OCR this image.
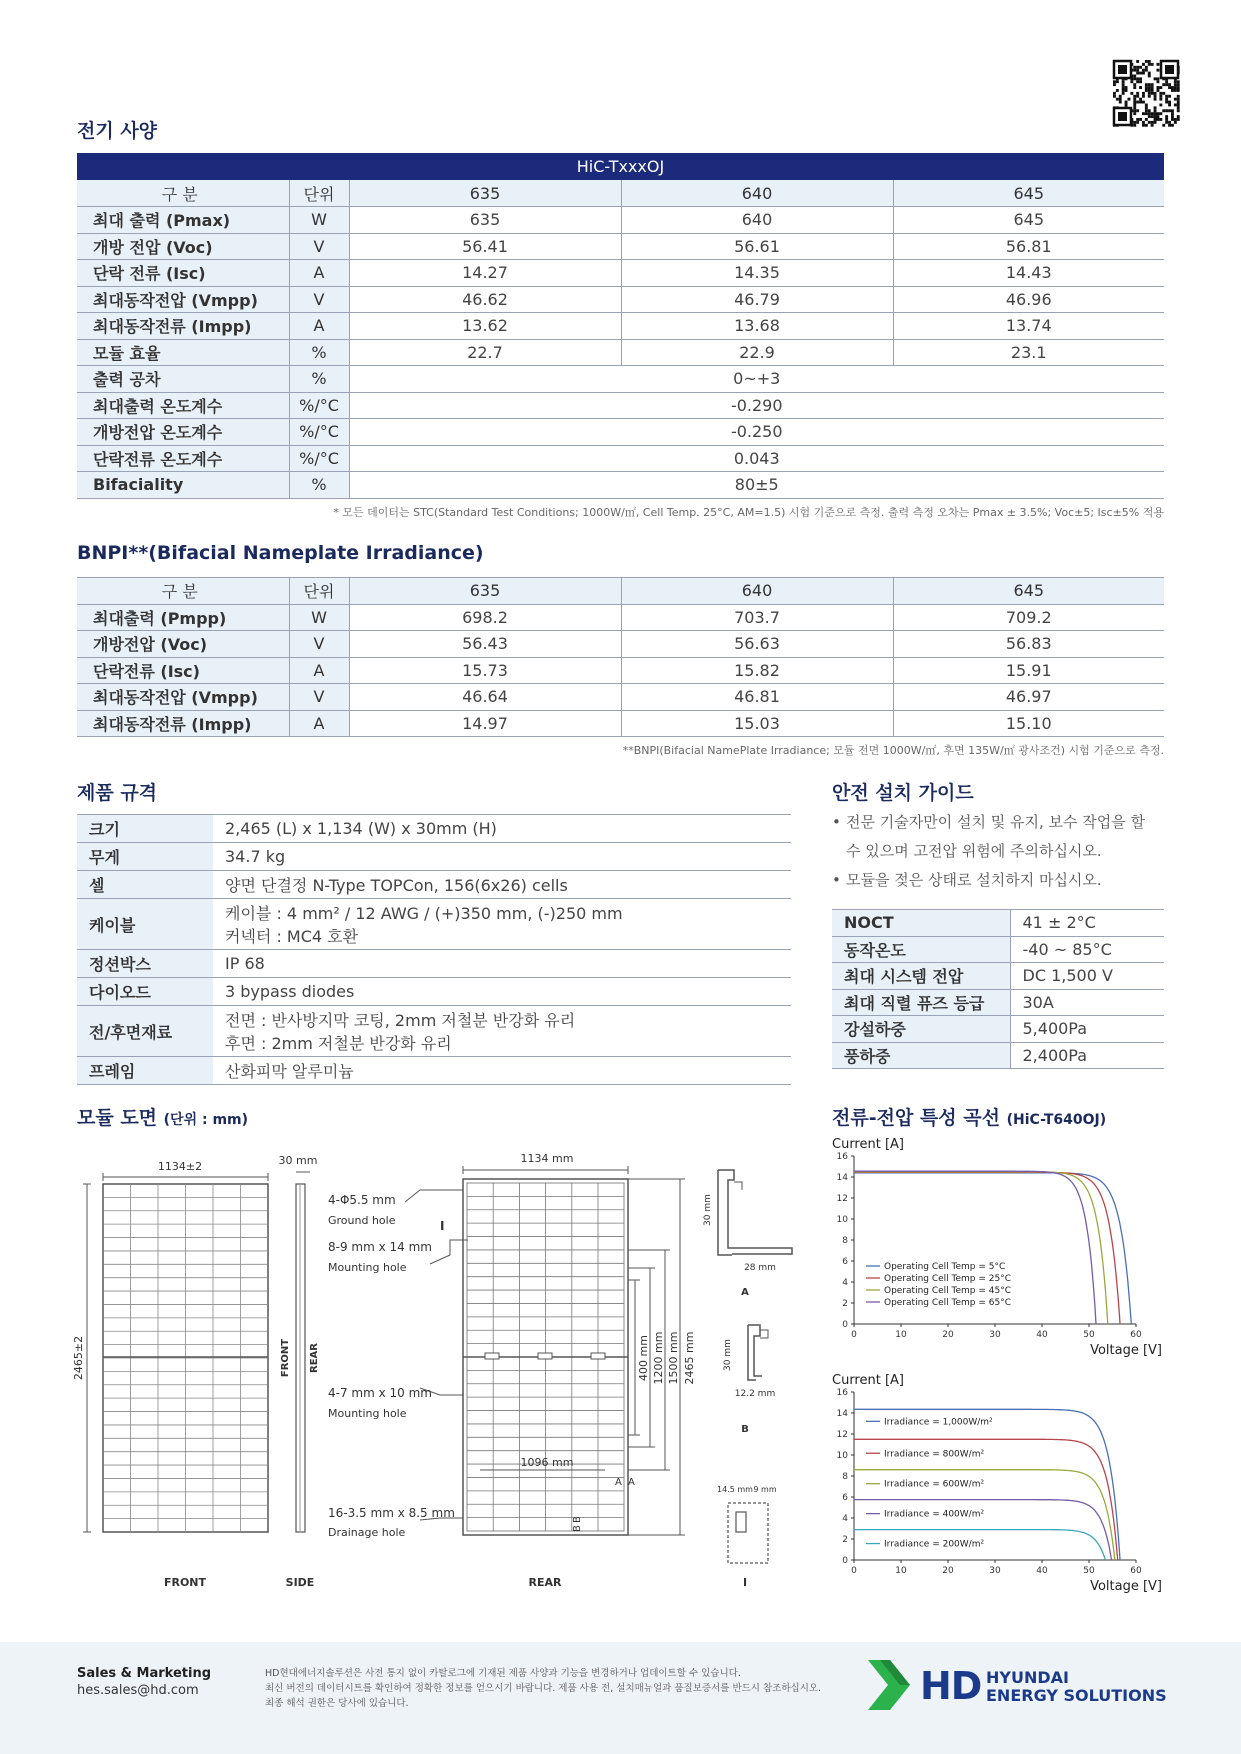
전기 사양
HiC-TxxxOJ
구 분	단위	635	640	645
최대 출력 (Pmax)	W	635	640	645
개방 전압 (Voc)	V	56.41	56.61	56.81
단락 전류 (Isc)	A	14.27	14.35	14.43
최대동작전압 (Vmpp)	V	46.62	46.79	46.96
최대동작전류 (Impp)	A	13.62	13.68	13.74
모듈 효율	%	22.7	22.9	23.1
출력 공차	%	0~+3		
최대출력 온도계수	%/°C	-0.290		
개방전압 온도계수	%/°C	-0.250		
단락전류 온도계수	%/°C	0.043		
Bifaciality	%	80±5		
* 모든 데이터는 STC(Standard Test Conditions; 1000W/㎡, Cell Temp. 25°C, AM=1.5) 시험 기준으로 측정. 출력 측정 오차는 Pmax ± 3.5%; Voc±5; Isc±5% 적용
BNPI**(Bifacial Nameplate Irradiance)
구 분	단위	635	640	645
최대출력 (Pmpp)	W	698.2	703.7	709.2
개방전압 (Voc)	V	56.43	56.63	56.83
단락전류 (Isc)	A	15.73	15.82	15.91
최대동작전압 (Vmpp)	V	46.64	46.81	46.97
최대동작전류 (Impp)	A	14.97	15.03	15.10
**BNPI(Bifacial NamePlate Irradiance; 모듈 전면 1000W/㎡, 후면 135W/㎡ 광사조건) 시험 기준으로 측정.
제품 규격
크기	2,465 (L) x 1,134 (W) x 30mm (H)

무게	34.7 kg

셀	양면 단결정 N-Type TOPCon, 156(6x26) cells

케이블	케이블 : 4 mm² / 12 AWG / (+)350 mm, (-)250 mm
커넥터 : MC4 호환

정션박스	IP 68

다이오드	3 bypass diodes

전/후면재료	전면 : 반사방지막 코팅, 2mm 저철분 반강화 유리
후면 : 2mm 저철분 반강화 유리

프레임	산화피막 알루미늄
안전 설치 가이드
• 전문 기술자만이 설치 및 유지, 보수 작업을 할 수 있으며 고전압 위험에 주의하십시오.
• 모듈을 젖은 상태로 설치하지 마십시오.
NOCT	41 ± 2°C
동작온도	-40 ~ 85°C
최대 시스템 전압	DC 1,500 V
최대 직렬 퓨즈 등급	30A
강설하중	5,400Pa
풍하중	2,400Pa
모듈 도면 (단위 : mm)
1134±2
2465±2
FRONT
30 mm
FRONT REAR
SIDE
1134 mm
4-Φ5.5 mm
Ground hole	I
8-9 mm x 14 mm
Mounting hole
4-7 mm x 10 mm
Mounting hole
16-3.5 mm x 8.5 mm
Drainage hole
1096 mm
400 mm 1200 mm 1500 mm 2465 mm
A A
B
B
REAR
30 mm
28 mm
A
30 mm
12.2 mm
B
14.5 mm 9 mm
I
전류-전압 특성 곡선 (HiC-T640OJ)
Current [A]
0
2
4
6
8
10
12
14
16
0	10	20	30	40	50	60
Voltage [V]
Operating Cell Temp = 5°C
Operating Cell Temp = 25°C
Operating Cell Temp = 45°C
Operating Cell Temp = 65°C
Current [A]
0
2
4
6
8
10
12
14
16
0	10	20	30	40	50	60
Voltage [V]
Irradiance = 1,000W/m²
Irradiance = 800W/m²
Irradiance = 600W/m²
Irradiance = 400W/m²
Irradiance = 200W/m²
Sales & Marketing
hes.sales@hd.com
HD현대에너지솔루션은 사전 통지 없이 카탈로그에 기재된 제품 사양과 기능을 변경하거나 업데이트할 수 있습니다.
최신 버전의 데이터시트를 확인하여 정확한 정보를 얻으시기 바랍니다. 제품 사용 전, 설치매뉴얼과 품질보증서를 반드시 참조하십시오.
최종 해석 권한은 당사에 있습니다.	HD HYUNDAI
ENERGY SOLUTIONS
